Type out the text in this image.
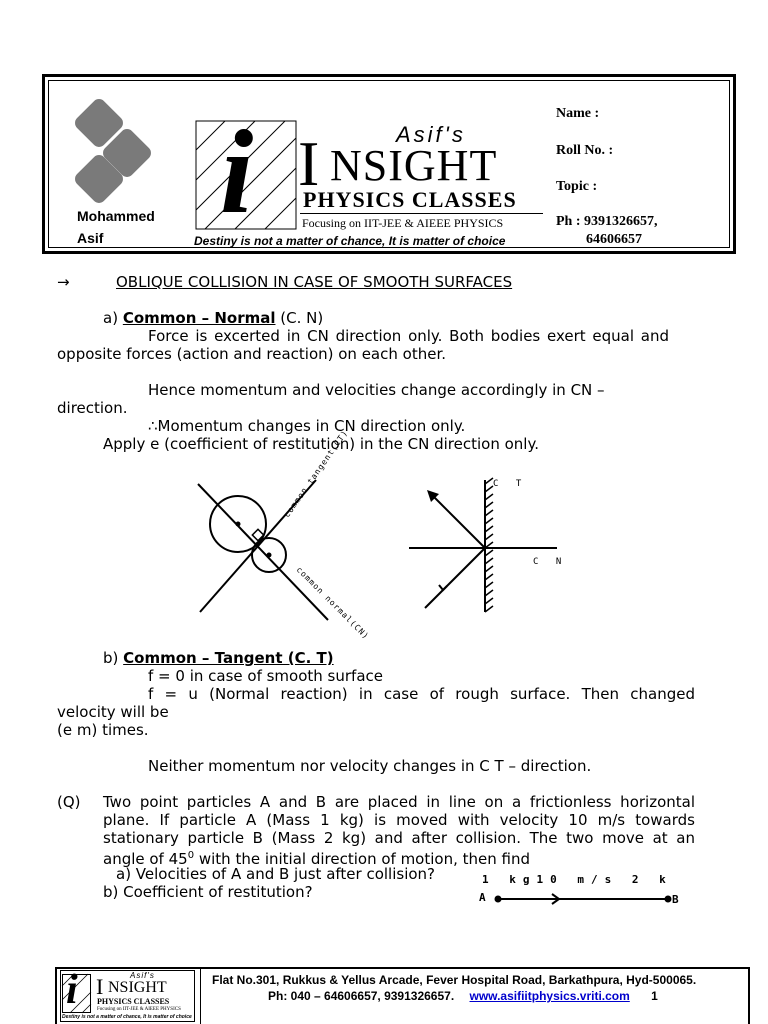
Mohammed
Asif i	Asif's
I NSIGHT
PHYSICS CLASSES
Focusing on IIT-JEE & AIEEE PHYSICS
Destiny is not a matter of chance, It is matter of choice
Name :
Roll No. :
Topic :
Ph : 9391326657,
64606657
→	OBLIQUE COLLISION IN CASE OF SMOOTH SURFACES
a) Common – Normal (C. N)
Force is excerted in CN direction only. Both bodies exert equal and
opposite forces (action and reaction) on each other.
Hence momentum and velocities change accordingly in CN –
direction.
∴Momentum changes in CN direction only.
Apply e (coefficient of restitution) in the CN direction only.
common tangent(CT)
common normal(CN)
C T
C N
b) Common – Tangent (C. T)
f = 0 in case of smooth surface
f = u (Normal reaction) in case of rough surface. Then changed
velocity will be
(e m) times.
Neither momentum nor velocity changes in C T – direction.
(Q) Two point particles A and B are placed in line on a frictionless horizontal
plane. If particle A (Mass 1 kg) is moved with velocity 10 m/s towards
stationary particle B (Mass 2 kg) and after collision. The two move at an
angle of $45^0$ with the initial direction of motion, then find
a) Velocities of A and B just after collision?
b) Coefficient of restitution?
1 kg10 m/s 2 k
A	B
i	Asif's
I NSIGHT
PHYSICS CLASSES
Focusing on IIT-JEE & AIEEE PHYSICS
Destiny is not a matter of chance, It is matter of choice
Flat No.301, Rukkus & Yellus Arcade, Fever Hospital Road, Barkathpura, Hyd-500065.
Ph: 040 – 64606657, 9391326657. www.asifiitphysics.vriti.com 1
